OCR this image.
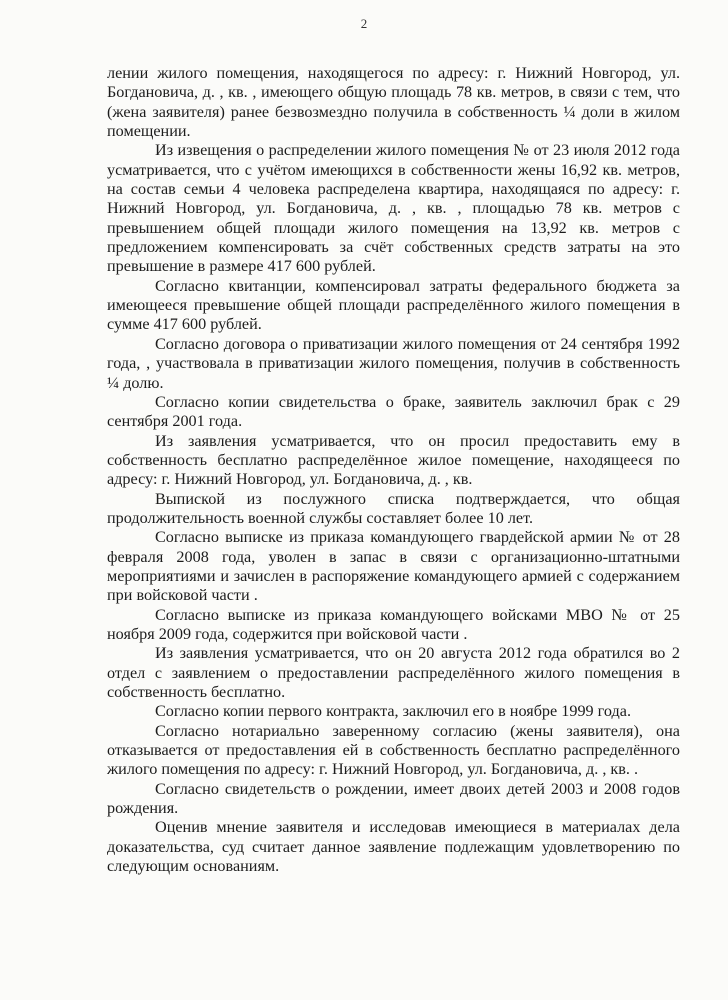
2

лении жилого помещения, находящегося по адресу: г. Нижний Новгород, ул. Богдановича, д. , кв. , имеющего общую площадь 78 кв. метров, в связи с тем, что (жена заявителя) ранее безвозмездно получила в собственность ¼ доли в жилом помещении.

Из извещения о распределении жилого помещения № от 23 июля 2012 года усматривается, что с учётом имеющихся в собственности жены 16,92 кв. метров, на состав семьи 4 человека распределена квартира, находящаяся по адресу: г. Нижний Новгород, ул. Богдановича, д. , кв. , площадью 78 кв. метров с превышением общей площади жилого помещения на 13,92 кв. метров с предложением компенсировать за счёт собственных средств затраты на это превышение в размере 417 600 рублей.

Согласно квитанции, компенсировал затраты федерального бюджета за имеющееся превышение общей площади распределённого жилого помещения в сумме 417 600 рублей.

Согласно договора о приватизации жилого помещения от 24 сентября 1992 года, , участвовала в приватизации жилого помещения, получив в собственность ¼ долю.

Согласно копии свидетельства о браке, заявитель заключил брак с 29 сентября 2001 года.

Из заявления усматривается, что он просил предоставить ему в собственность бесплатно распределённое жилое помещение, находящееся по адресу: г. Нижний Новгород, ул. Богдановича, д. , кв.

Выпиской из послужного списка подтверждается, что общая продолжительность военной службы составляет более 10 лет.

Согласно выписке из приказа командующего гвардейской армии № от 28 февраля 2008 года, уволен в запас в связи с организационно-штатными мероприятиями и зачислен в распоряжение командующего армией с содержанием при войсковой части .

Согласно выписке из приказа командующего войсками МВО № от 25 ноября 2009 года, содержится при войсковой части .

Из заявления усматривается, что он 20 августа 2012 года обратился во 2 отдел с заявлением о предоставлении распределённого жилого помещения в собственность бесплатно.

Согласно копии первого контракта, заключил его в ноябре 1999 года.

Согласно нотариально заверенному согласию (жены заявителя), она отказывается от предоставления ей в собственность бесплатно распределённого жилого помещения по адресу: г. Нижний Новгород, ул. Богдановича, д. , кв. .

Согласно свидетельств о рождении, имеет двоих детей 2003 и 2008 годов рождения.

Оценив мнение заявителя и исследовав имеющиеся в материалах дела доказательства, суд считает данное заявление подлежащим удовлетворению по следующим основаниям.
